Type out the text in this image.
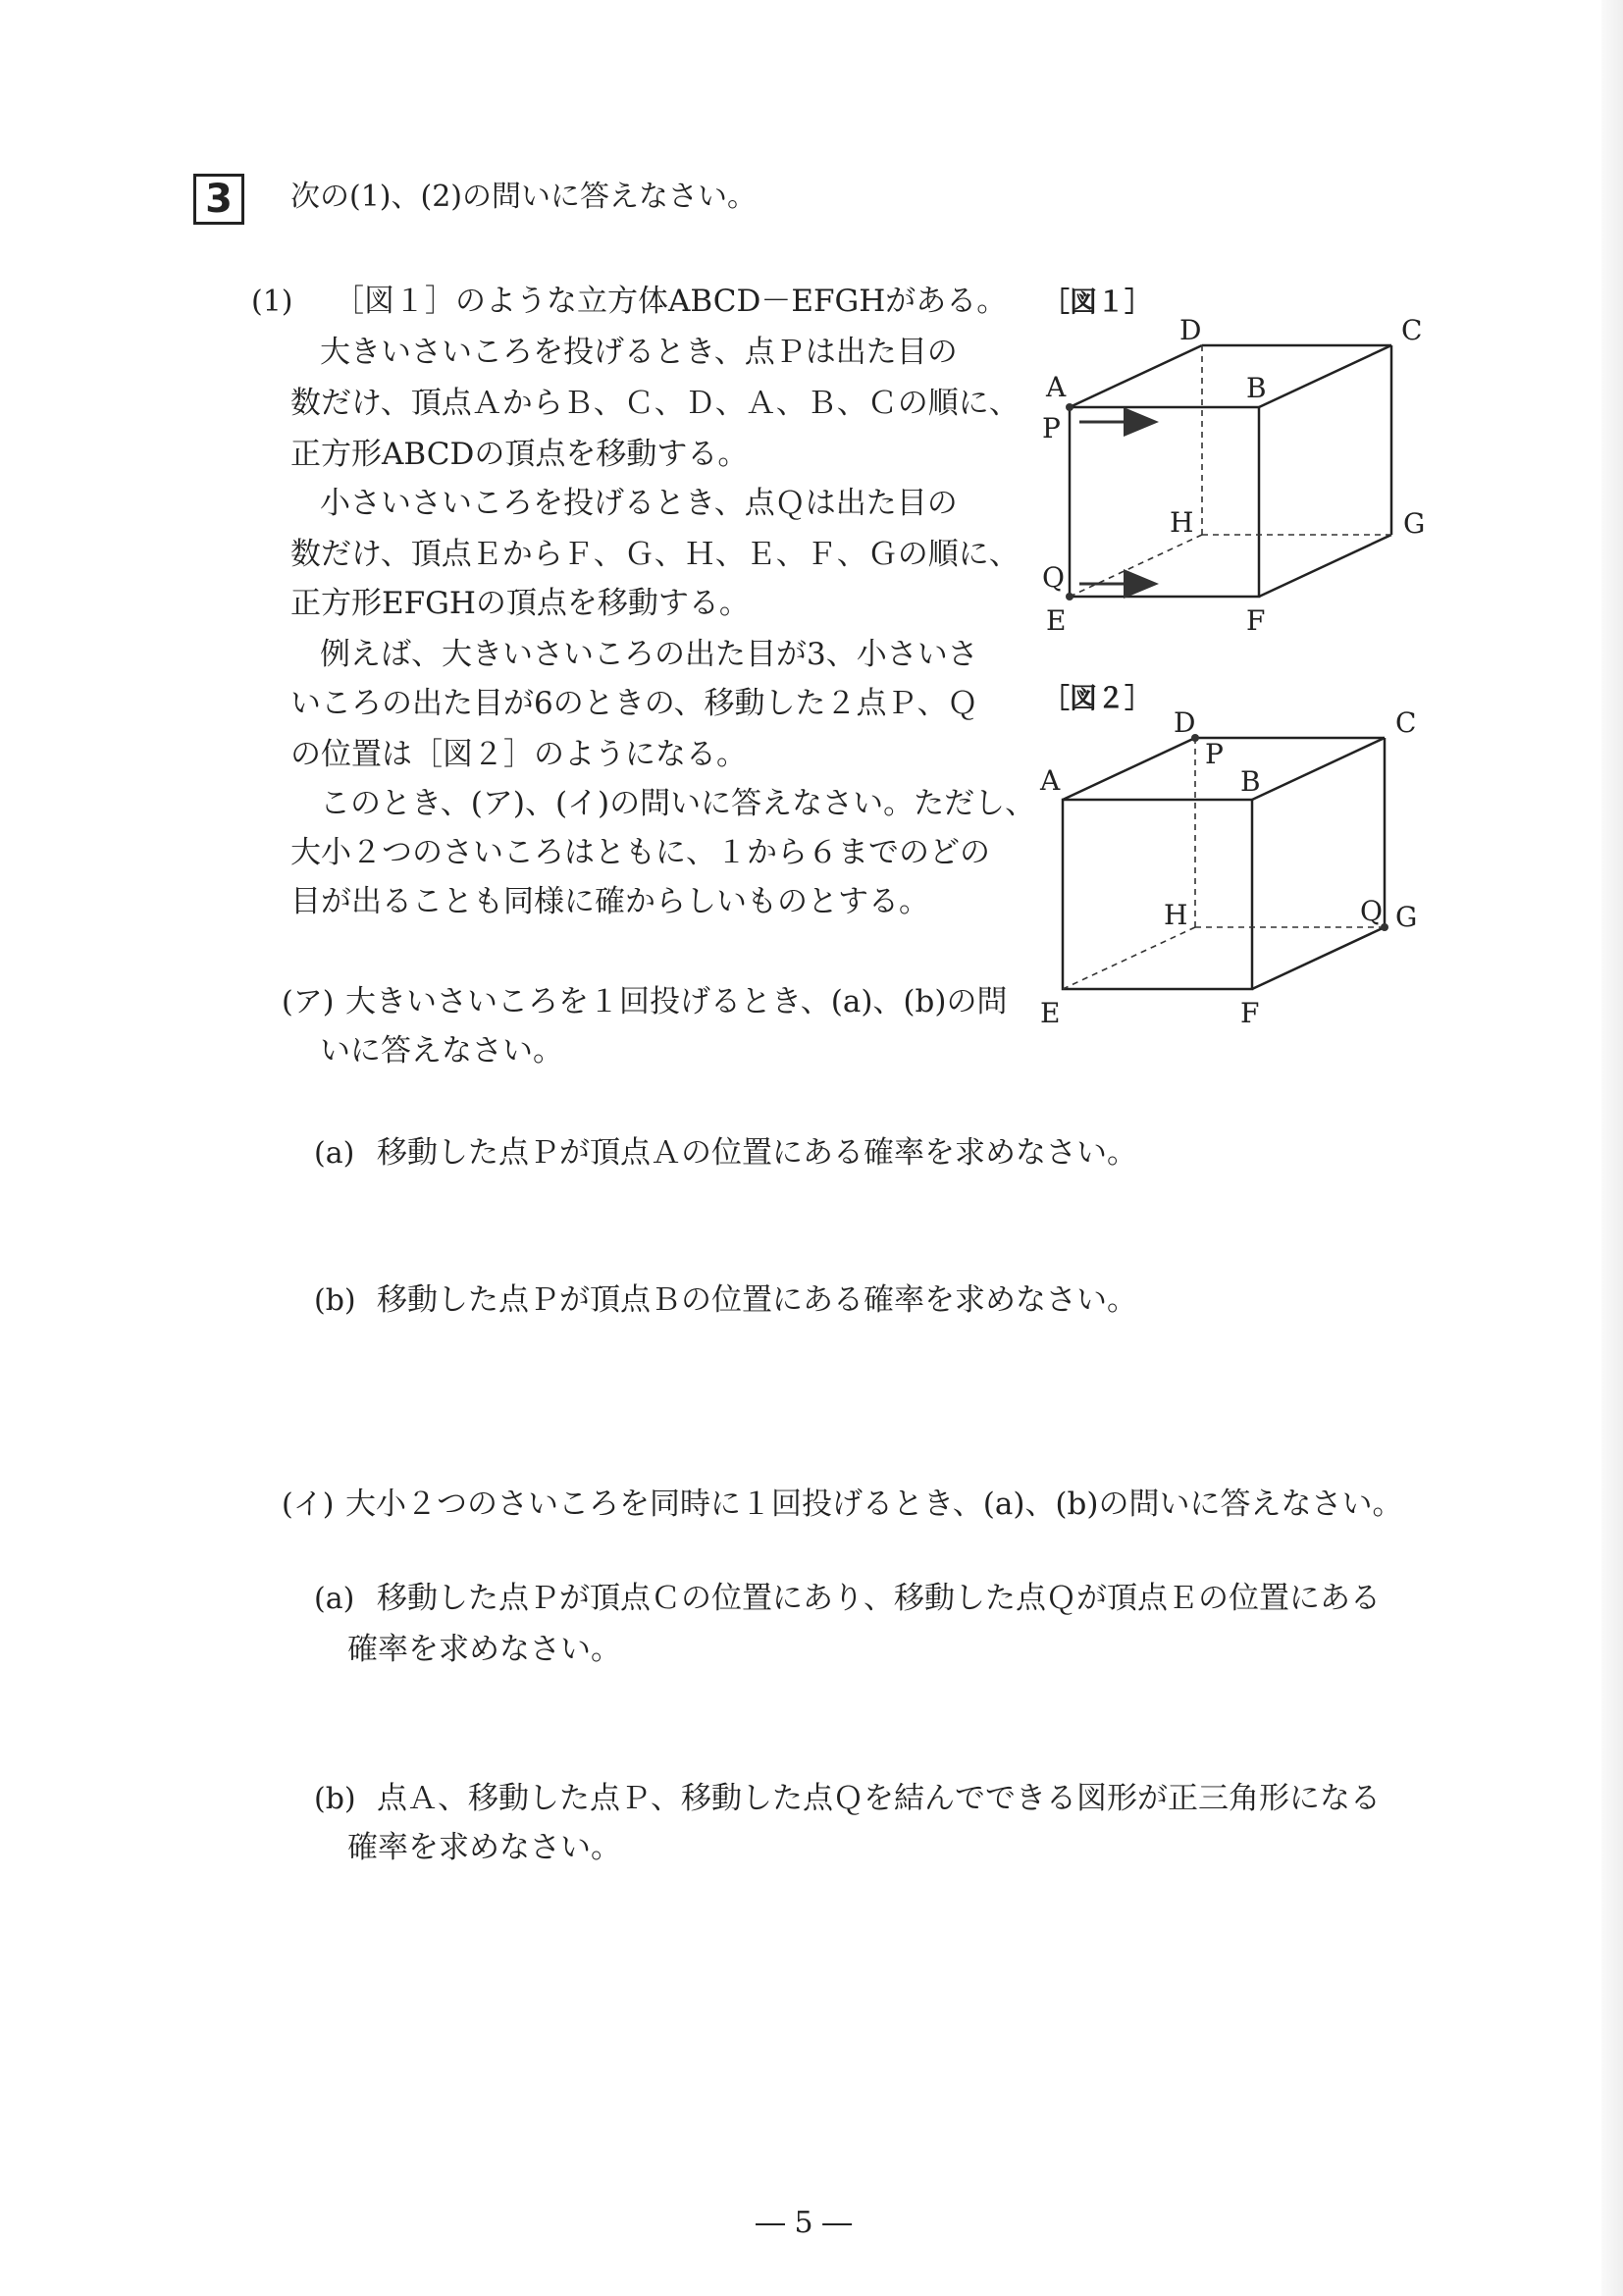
3	次の(1)、(2)の問いに答えなさい。
(1) ［図１］のような立方体ABCD－EFGHがある。
大きいさいころを投げるとき、点Ｐは出た目の
数だけ、頂点ＡからＢ、Ｃ、Ｄ、Ａ、Ｂ、Ｃの順に、
正方形ABCDの頂点を移動する。
小さいさいころを投げるとき、点Ｑは出た目の
数だけ、頂点ＥからＦ、Ｇ、Ｈ、Ｅ、Ｆ、Ｇの順に、
正方形EFGHの頂点を移動する。
例えば、大きいさいころの出た目が3、小さいさ
いころの出た目が6のときの、移動した２点Ｐ、Ｑ
の位置は［図２］のようになる。
このとき、(ア)、(イ)の問いに答えなさい。ただし、
大小２つのさいころはともに、１から６までのどの
目が出ることも同様に確からしいものとする。
(ア) 大きいさいころを１回投げるとき、(a)、(b)の問
いに答えなさい。
(a) 移動した点Ｐが頂点Ａの位置にある確率を求めなさい。
(b) 移動した点Ｐが頂点Ｂの位置にある確率を求めなさい。
(イ) 大小２つのさいころを同時に１回投げるとき、(a)、(b)の問いに答えなさい。
(a) 移動した点Ｐが頂点Ｃの位置にあり、移動した点Ｑが頂点Ｅの位置にある
確率を求めなさい。
(b) 点Ａ、移動した点Ｐ、移動した点Ｑを結んでできる図形が正三角形になる
確率を求めなさい。
［図１］
D	C
A	B
P
H	G
Q
E	F
［図２］
D
P
C
A	B
H	Q G
E	F
― 5 ―
